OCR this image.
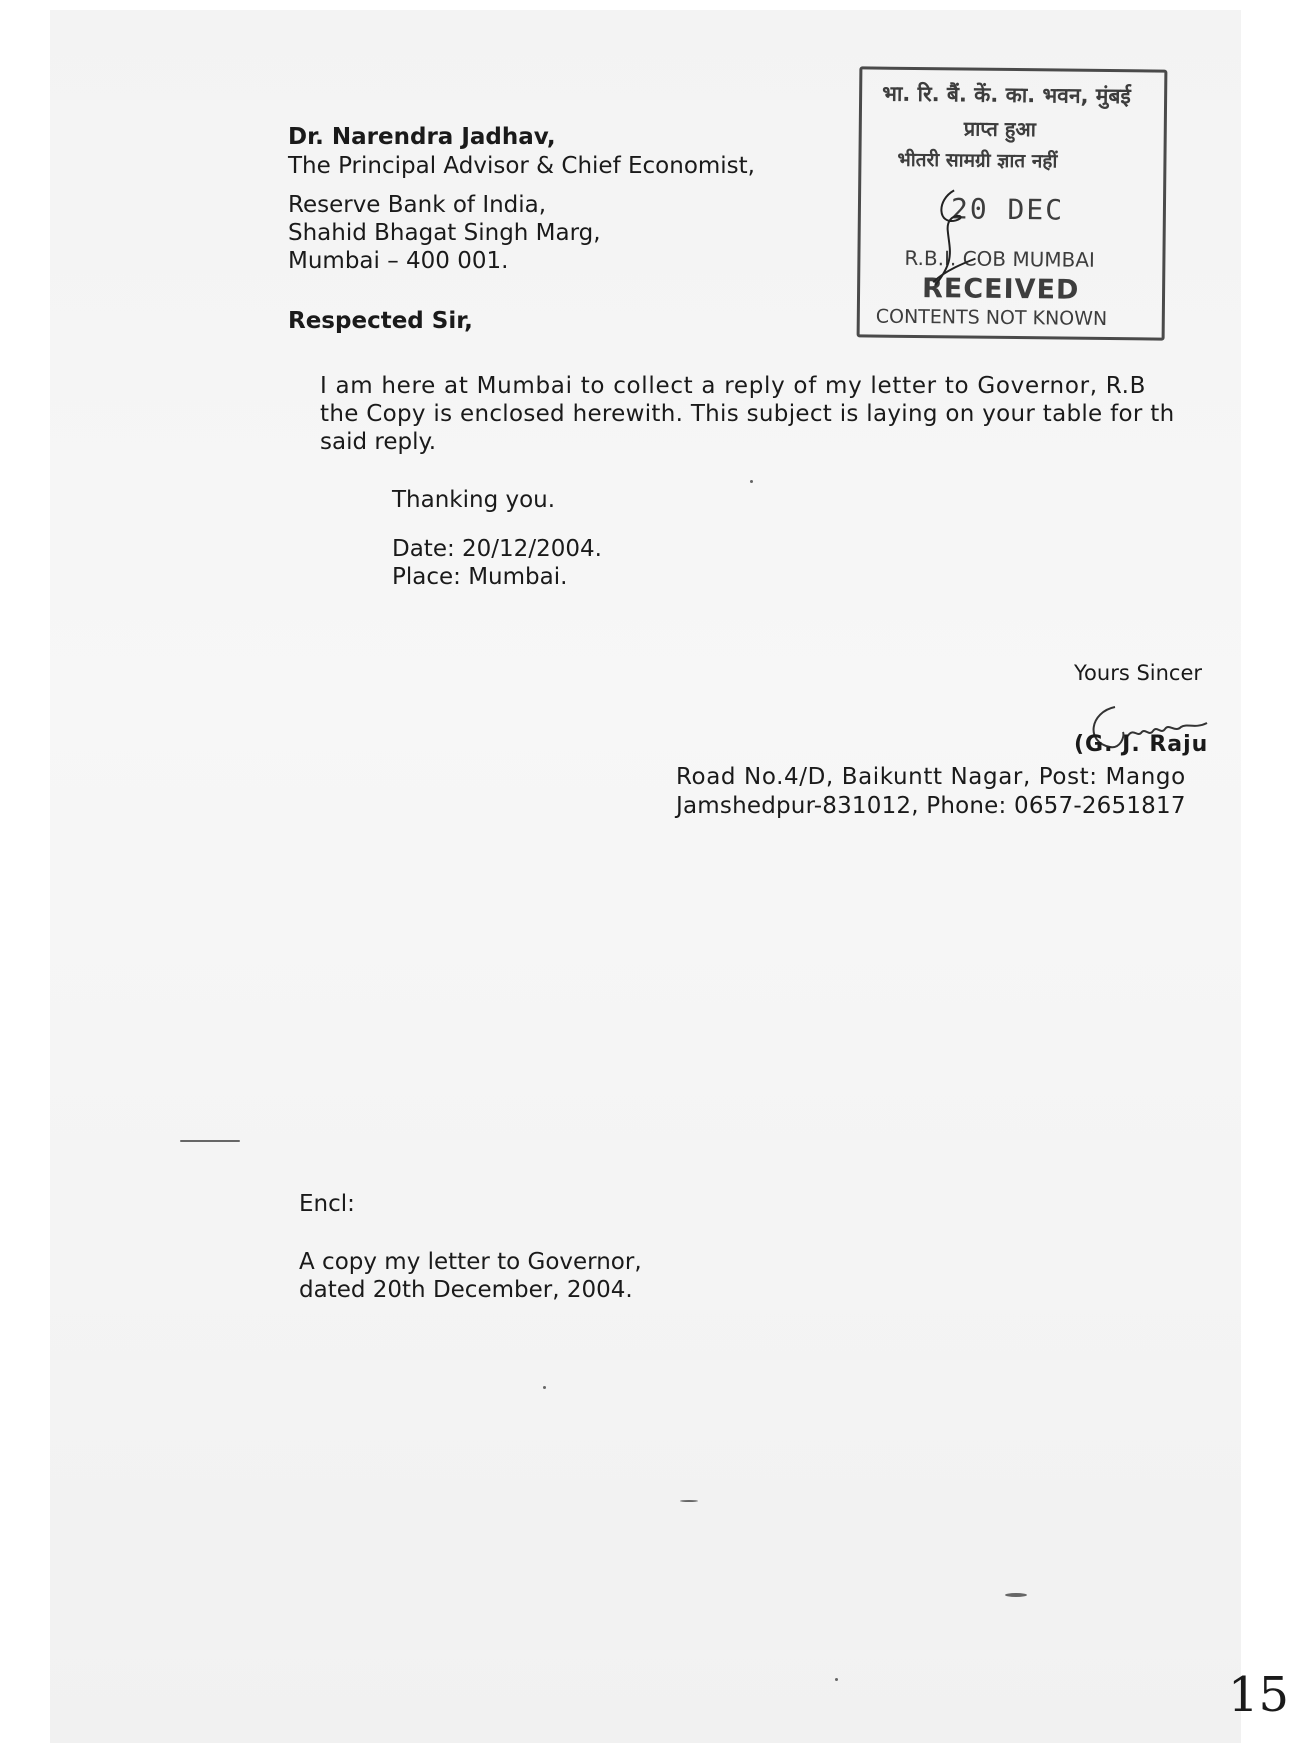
Dr. Narendra Jadhav,
The Principal Advisor & Chief Economist,
Reserve Bank of India,
Shahid Bhagat Singh Marg,
Mumbai – 400 001.
भा. रि. बैं. कें. का. भवन, मुंबई
प्राप्त हुआ
भीतरी सामग्री ज्ञात नहीं
20 DEC
R.B.I. COB MUMBAI
RECEIVED
CONTENTS NOT KNOWN
Respected Sir,
I am here at Mumbai to collect a reply of my letter to Governor, R.B
the Copy is enclosed herewith. This subject is laying on your table for th
said reply.
Thanking you.
Date: 20/12/2004.
Place: Mumbai.
Yours Sincer
(G. J. Raju
Road No.4/D, Baikuntt Nagar, Post: Mango
Jamshedpur-831012, Phone: 0657-2651817
Encl:
A copy my letter to Governor,
dated 20th December, 2004.
15
